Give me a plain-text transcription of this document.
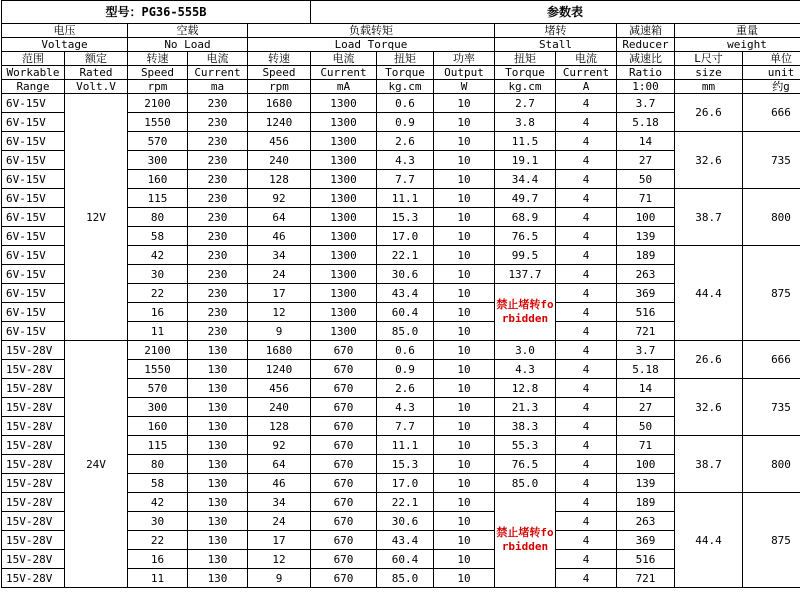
型号：PG36-555B					参数表							
电压		空载		负载转矩				堵转		减速箱	重量	
Voltage		No Load		Load Torque				Stall		Reducer	weight	
范围	额定	转速	电流	转速	电流	扭矩	功率	扭矩	电流	减速比	L尺寸	单位
Workable	Rated	Speed	Current	Speed	Current	Torque	Output	Torque	Current	Ratio	size	unit
Range	Volt.V	rpm	ma	rpm	mA	kg.cm	W	kg.cm	A	1:00	mm	约g
6V-15V	12V	2100	230	1680	1300	0.6	10	2.7	4	3.7	26.6	666
6V-15V		1550	230	1240	1300	0.9	10	3.8	4	5.18		
6V-15V		570	230	456	1300	2.6	10	11.5	4	14	32.6	735
6V-15V		300	230	240	1300	4.3	10	19.1	4	27		
6V-15V		160	230	128	1300	7.7	10	34.4	4	50		
6V-15V		115	230	92	1300	11.1	10	49.7	4	71	38.7	800
6V-15V		80	230	64	1300	15.3	10	68.9	4	100		
6V-15V		58	230	46	1300	17.0	10	76.5	4	139		
6V-15V		42	230	34	1300	22.1	10	99.5	4	189	44.4	875
6V-15V		30	230	24	1300	30.6	10	137.7	4	263		
6V-15V		22	230	17	1300	43.4	10	禁止堵转forbidden	4	369		
6V-15V		16	230	12	1300	60.4	10		4	516		
6V-15V		11	230	9	1300	85.0	10		4	721		
15V-28V	24V	2100	130	1680	670	0.6	10	3.0	4	3.7	26.6	666
15V-28V		1550	130	1240	670	0.9	10	4.3	4	5.18		
15V-28V		570	130	456	670	2.6	10	12.8	4	14	32.6	735
15V-28V		300	130	240	670	4.3	10	21.3	4	27		
15V-28V		160	130	128	670	7.7	10	38.3	4	50		
15V-28V		115	130	92	670	11.1	10	55.3	4	71	38.7	800
15V-28V		80	130	64	670	15.3	10	76.5	4	100		
15V-28V		58	130	46	670	17.0	10	85.0	4	139		
15V-28V		42	130	34	670	22.1	10	禁止堵转forbidden	4	189	44.4	875
15V-28V		30	130	24	670	30.6	10		4	263		
15V-28V		22	130	17	670	43.4	10		4	369		
15V-28V		16	130	12	670	60.4	10		4	516		
15V-28V		11	130	9	670	85.0	10		4	721		
